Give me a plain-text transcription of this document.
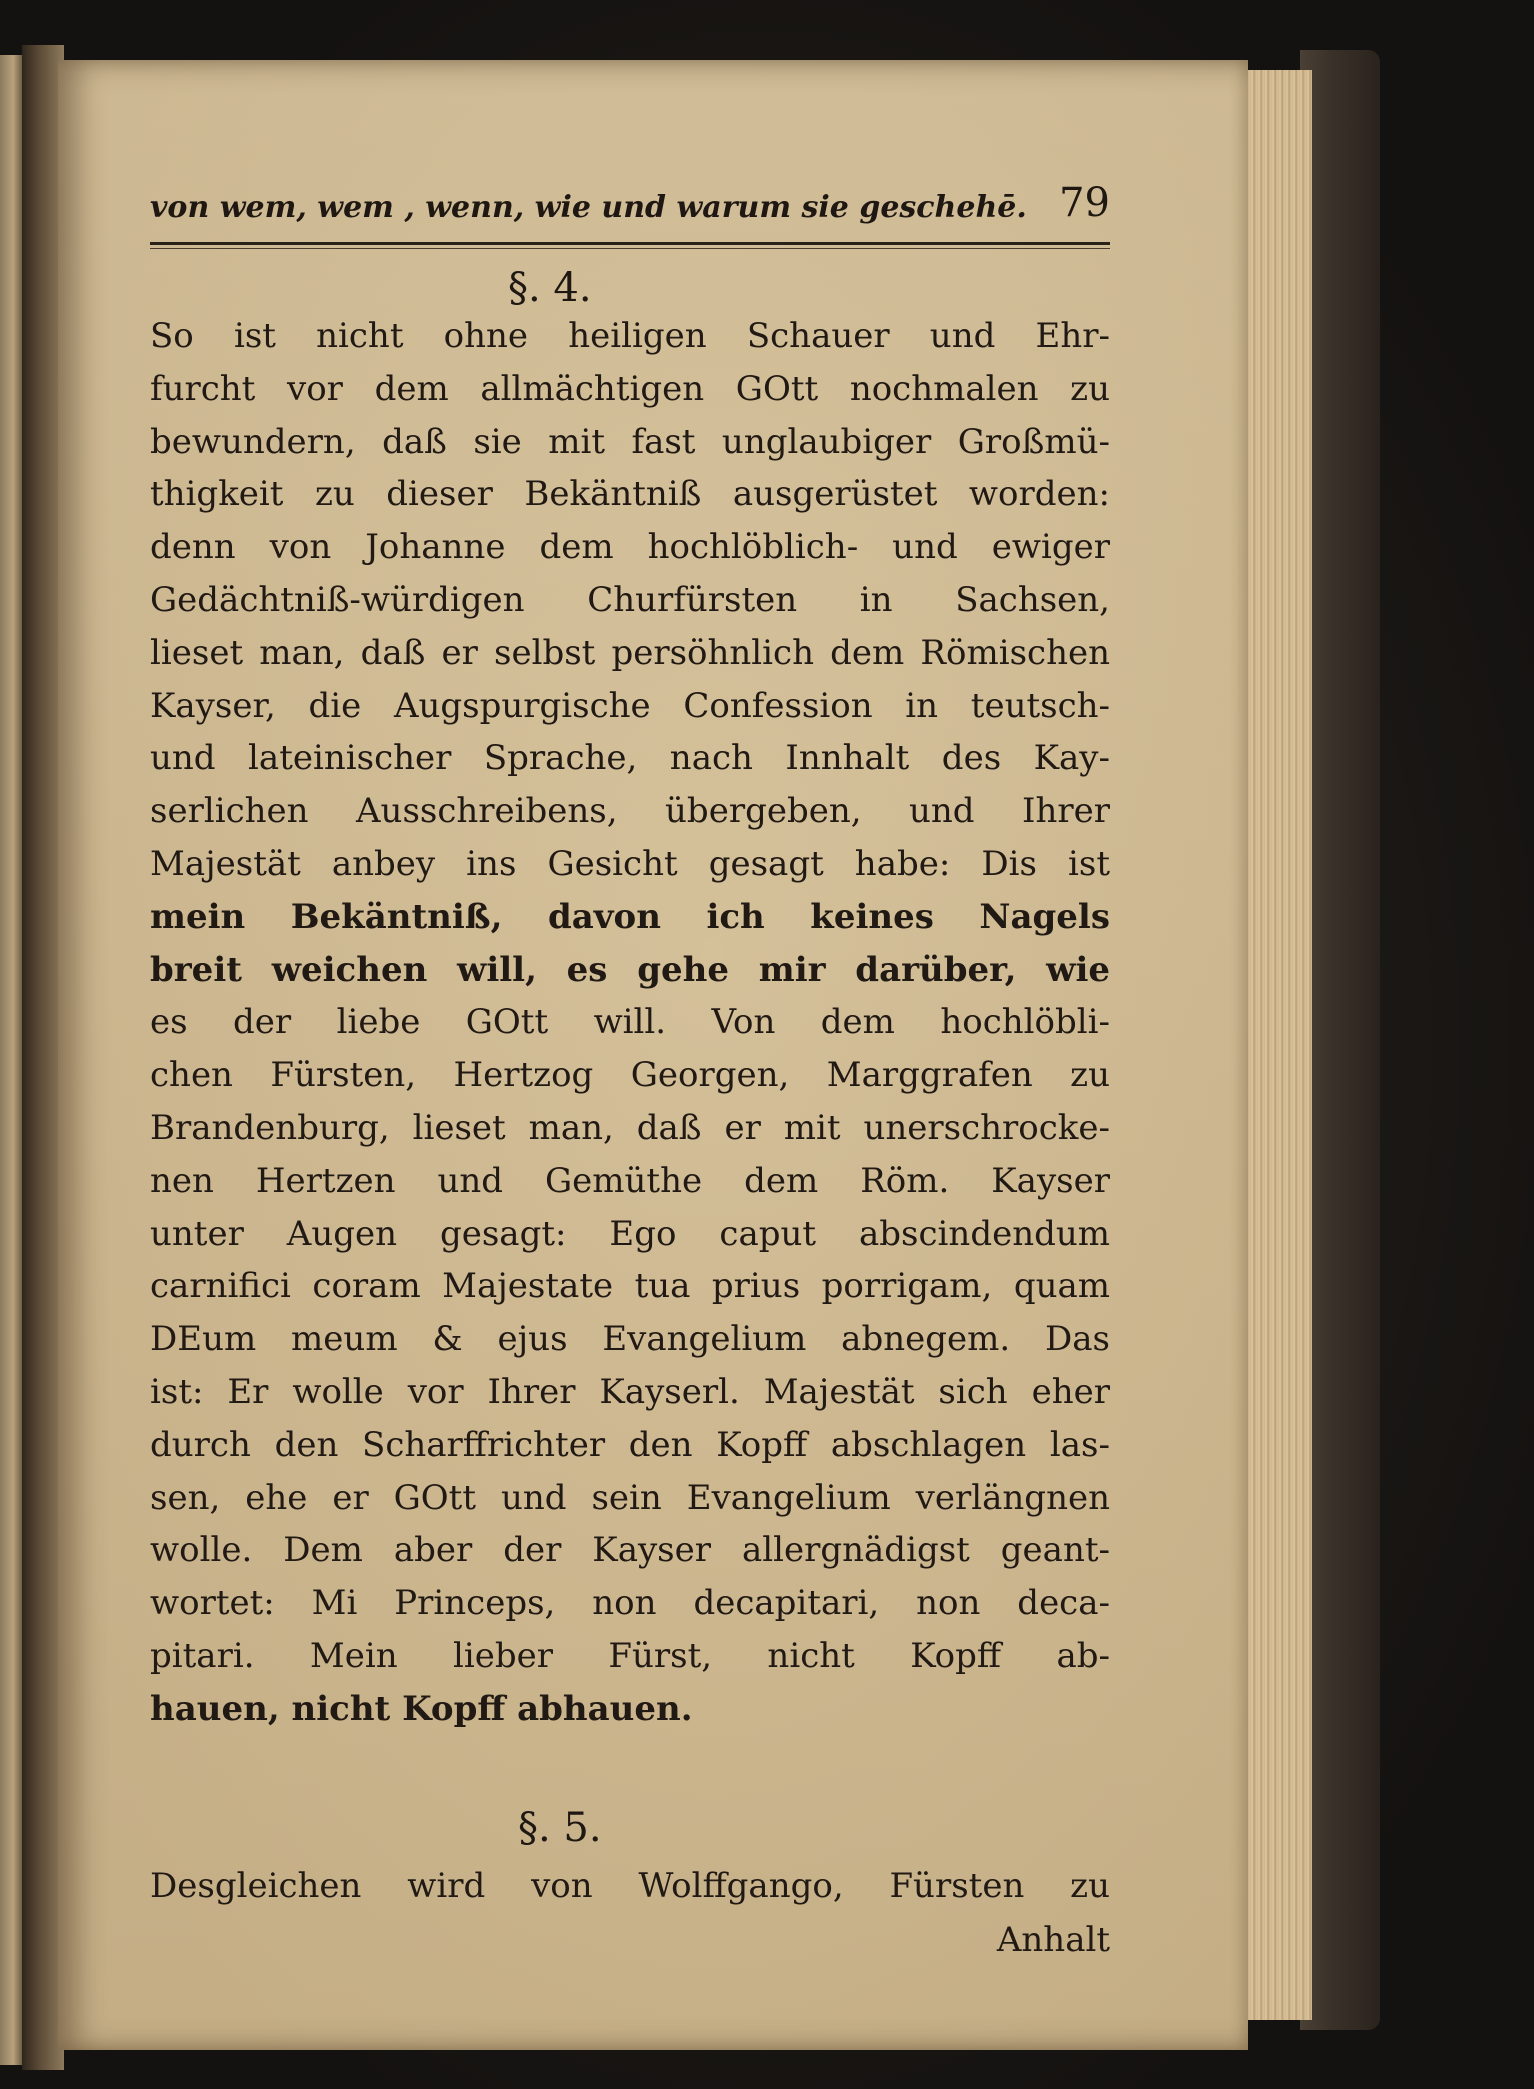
von wem, wem , wenn, wie und warum sie geschehē. 79
§. 4.
So ist nicht ohne heiligen Schauer und Ehr-
furcht vor dem allmächtigen GOtt nochmalen zu
bewundern, daß sie mit fast unglaubiger Großmü-
thigkeit zu dieser Bekäntniß ausgerüstet worden:
denn von Johanne dem hochlöblich- und ewiger
Gedächtniß-würdigen Churfürsten in Sachsen,
lieset man, daß er selbst persöhnlich dem Römischen
Kayser, die Augspurgische Confession in teutsch-
und lateinischer Sprache, nach Innhalt des Kay-
serlichen Ausschreibens, übergeben, und Ihrer
Majestät anbey ins Gesicht gesagt habe: Dis ist
mein Bekäntniß, davon ich keines Nagels
breit weichen will, es gehe mir darüber, wie
es der liebe GOtt will. Von dem hochlöbli-
chen Fürsten, Hertzog Georgen, Marggrafen zu
Brandenburg, lieset man, daß er mit unerschrocke-
nen Hertzen und Gemüthe dem Röm. Kayser
unter Augen gesagt: Ego caput abscindendum
carnifici coram Majestate tua prius porrigam, quam
DEum meum & ejus Evangelium abnegem. Das
ist: Er wolle vor Ihrer Kayserl. Majestät sich eher
durch den Scharffrichter den Kopff abschlagen las-
sen, ehe er GOtt und sein Evangelium verlängnen
wolle. Dem aber der Kayser allergnädigst geant-
wortet: Mi Princeps, non decapitari, non deca-
pitari. Mein lieber Fürst, nicht Kopff ab-
hauen, nicht Kopff abhauen.
§. 5.
Desgleichen wird von Wolffgango, Fürsten zu
Anhalt
